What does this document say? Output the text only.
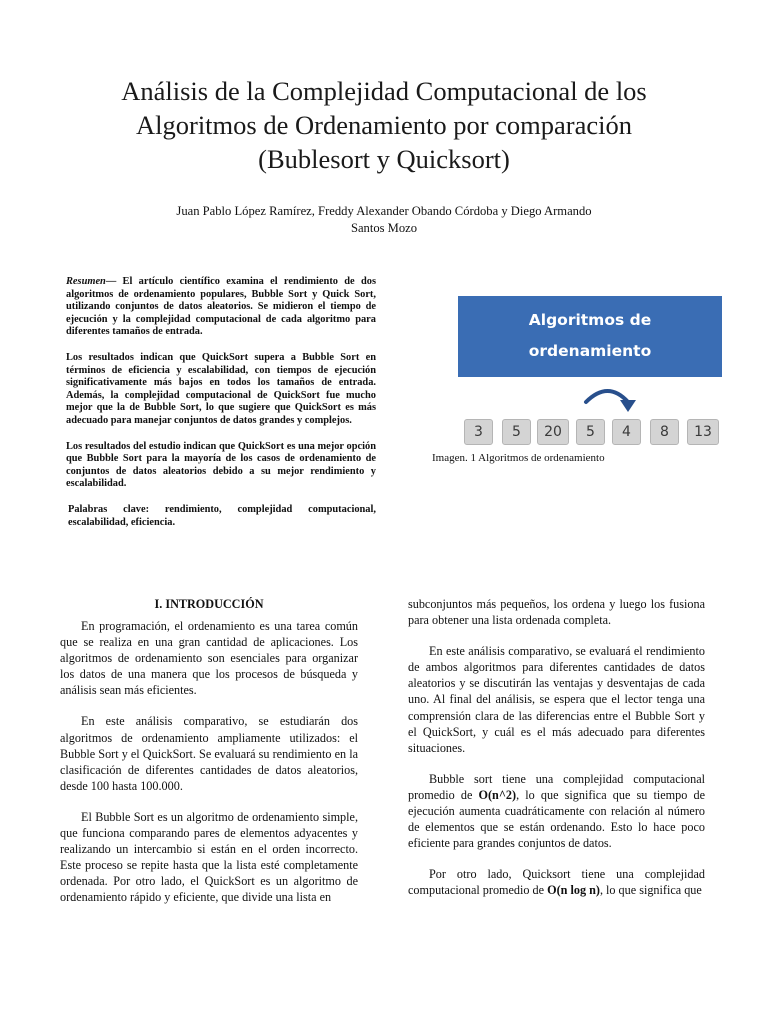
Análisis de la Complejidad Computacional de los
Algoritmos de Ordenamiento por comparación
(Bublesort y Quicksort)
Juan Pablo López Ramírez, Freddy Alexander Obando Córdoba y Diego Armando
Santos Mozo

Resumen— El artículo científico examina el rendimiento de dos algoritmos de ordenamiento populares, Bubble Sort y Quick Sort, utilizando conjuntos de datos aleatorios. Se midieron el tiempo de ejecución y la complejidad computacional de cada algoritmo para diferentes tamaños de entrada.

Los resultados indican que QuickSort supera a Bubble Sort en términos de eficiencia y escalabilidad, con tiempos de ejecución significativamente más bajos en todos los tamaños de entrada. Además, la complejidad computacional de QuickSort fue mucho mejor que la de Bubble Sort, lo que sugiere que QuickSort es más adecuado para manejar conjuntos de datos grandes y complejos.

Los resultados del estudio indican que QuickSort es una mejor opción que Bubble Sort para la mayoría de los casos de ordenamiento de conjuntos de datos aleatorios debido a su mejor rendimiento y escalabilidad.

Palabras clave: rendimiento, complejidad computacional, escalabilidad, eficiencia.

Algoritmos de
ordenamiento
3	5	20	5	4	8	13
Imagen. 1 Algoritmos de ordenamiento
I. INTRODUCCIÓN

En programación, el ordenamiento es una tarea común que se realiza en una gran cantidad de aplicaciones. Los algoritmos de ordenamiento son esenciales para organizar los datos de una manera que los procesos de búsqueda y análisis sean más eficientes.

En este análisis comparativo, se estudiarán dos algoritmos de ordenamiento ampliamente utilizados: el Bubble Sort y el QuickSort. Se evaluará su rendimiento en la clasificación de diferentes cantidades de datos aleatorios, desde 100 hasta 100.000.

El Bubble Sort es un algoritmo de ordenamiento simple, que funciona comparando pares de elementos adyacentes y realizando un intercambio si están en el orden incorrecto. Este proceso se repite hasta que la lista esté completamente ordenada. Por otro lado, el QuickSort es un algoritmo de ordenamiento rápido y eficiente, que divide una lista en

subconjuntos más pequeños, los ordena y luego los fusiona para obtener una lista ordenada completa.

En este análisis comparativo, se evaluará el rendimiento de ambos algoritmos para diferentes cantidades de datos aleatorios y se discutirán las ventajas y desventajas de cada uno. Al final del análisis, se espera que el lector tenga una comprensión clara de las diferencias entre el Bubble Sort y el QuickSort, y cuál es el más adecuado para diferentes situaciones.

Bubble sort tiene una complejidad computacional promedio de O(n^2), lo que significa que su tiempo de ejecución aumenta cuadráticamente con relación al número de elementos que se están ordenando. Esto lo hace poco eficiente para grandes conjuntos de datos.

Por otro lado, Quicksort tiene una complejidad computacional promedio de O(n log n), lo que significa que
